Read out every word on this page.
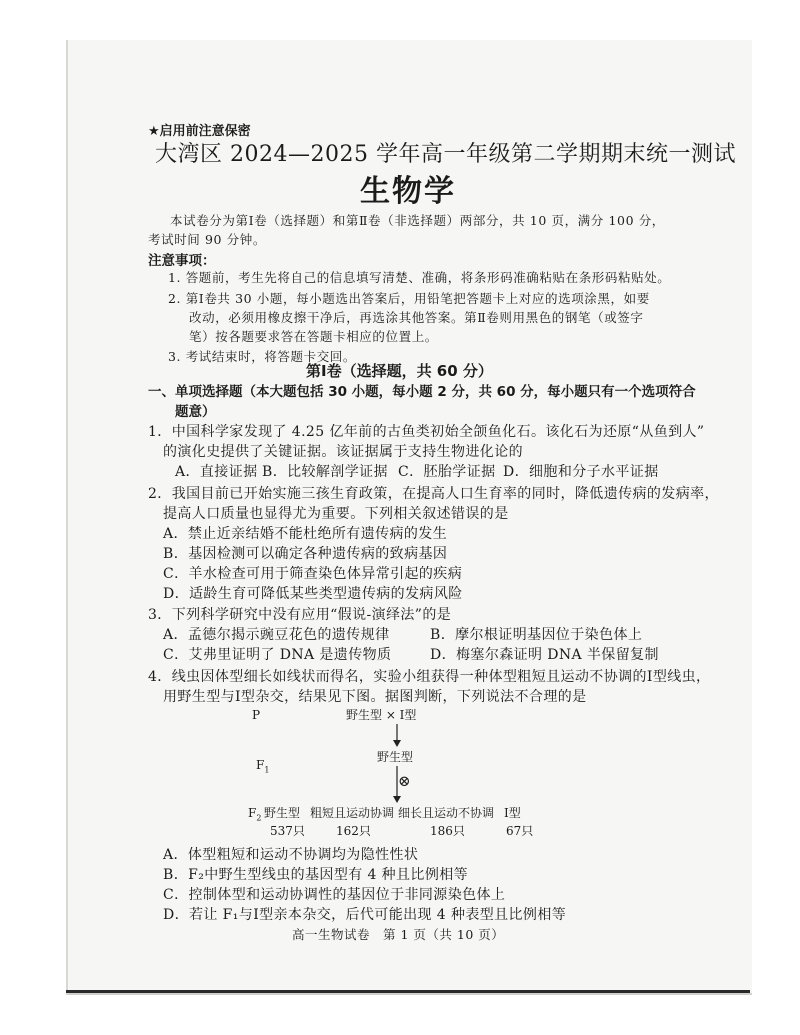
★启用前注意保密
大湾区 2024—2025 学年高一年级第二学期期末统一测试
生物学
本试卷分为第Ⅰ卷（选择题）和第Ⅱ卷（非选择题）两部分，共 10 页，满分 100 分，
考试时间 90 分钟。
注意事项：
1. 答题前，考生先将自己的信息填写清楚、准确，将条形码准确粘贴在条形码粘贴处。
2. 第Ⅰ卷共 30 小题，每小题选出答案后，用铅笔把答题卡上对应的选项涂黑，如要
改动，必须用橡皮擦干净后，再选涂其他答案。第Ⅱ卷则用黑色的钢笔（或签字
笔）按各题要求答在答题卡相应的位置上。
3. 考试结束时，将答题卡交回。
第Ⅰ卷（选择题，共 60 分）
一、单项选择题（本大题包括 30 小题，每小题 2 分，共 60 分，每小题只有一个选项符合
题意）
1．中国科学家发现了 4.25 亿年前的古鱼类初始全颌鱼化石。该化石为还原“从鱼到人”
的演化史提供了关键证据。该证据属于支持生物进化论的
A．直接证据 B．比较解剖学证据 C．胚胎学证据 D．细胞和分子水平证据
2．我国目前已开始实施三孩生育政策，在提高人口生育率的同时，降低遗传病的发病率，
提高人口质量也显得尤为重要。下列相关叙述错误的是
A．禁止近亲结婚不能杜绝所有遗传病的发生
B．基因检测可以确定各种遗传病的致病基因
C．羊水检查可用于筛查染色体异常引起的疾病
D．适龄生育可降低某些类型遗传病的发病风险
3．下列科学研究中没有应用“假说-演绎法”的是
A．孟德尔揭示豌豆花色的遗传规律	B．摩尔根证明基因位于染色体上
C．艾弗里证明了 DNA 是遗传物质	D．梅塞尔森证明 DNA 半保留复制
4．线虫因体型细长如线状而得名，实验小组获得一种体型粗短且运动不协调的Ⅰ型线虫，
用野生型与Ⅰ型杂交，结果见下图。据图判断，下列说法不合理的是
P	野生型 × Ⅰ型
$F_1$
野生型
⊗
$F_2$ 野生型 粗短且运动协调 细长且运动不协调 Ⅰ型
537只	162只	186只	67只
A．体型粗短和运动不协调均为隐性性状
B．F₂中野生型线虫的基因型有 4 种且比例相等
C．控制体型和运动协调性的基因位于非同源染色体上
D．若让 F₁与Ⅰ型亲本杂交，后代可能出现 4 种表型且比例相等
高一生物试卷　第 1 页（共 10 页）
